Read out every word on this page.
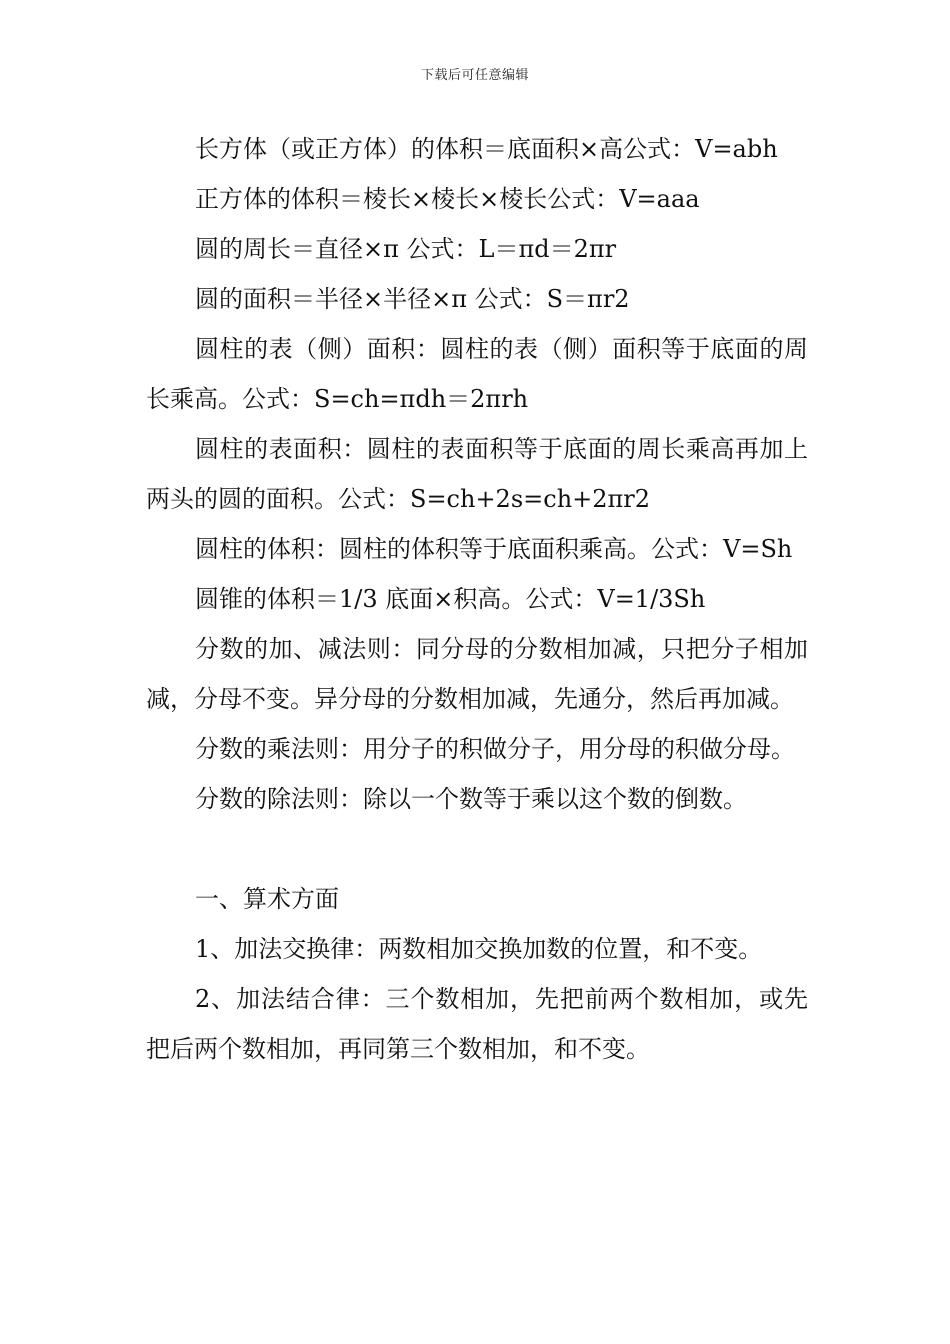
下载后可任意编辑

长方体（或正方体）的体积＝底面积×高公式：V=abh

正方体的体积＝棱长×棱长×棱长公式：V=aaa

圆的周长＝直径×π 公式：L＝πd＝2πr

圆的面积＝半径×半径×π 公式：S＝πr2

圆柱的表（侧）面积：圆柱的表（侧）面积等于底面的周长乘高。公式：S=ch=πdh＝2πrh

圆柱的表面积：圆柱的表面积等于底面的周长乘高再加上两头的圆的面积。公式：S=ch+2s=ch+2πr2

圆柱的体积：圆柱的体积等于底面积乘高。公式：V=Sh

圆锥的体积＝1/3 底面×积高。公式：V=1/3Sh

分数的加、减法则：同分母的分数相加减，只把分子相加减，分母不变。异分母的分数相加减，先通分，然后再加减。

分数的乘法则：用分子的积做分子，用分母的积做分母。

分数的除法则：除以一个数等于乘以这个数的倒数。

一、算术方面

1、加法交换律：两数相加交换加数的位置，和不变。

2、加法结合律：三个数相加，先把前两个数相加，或先把后两个数相加，再同第三个数相加，和不变。
